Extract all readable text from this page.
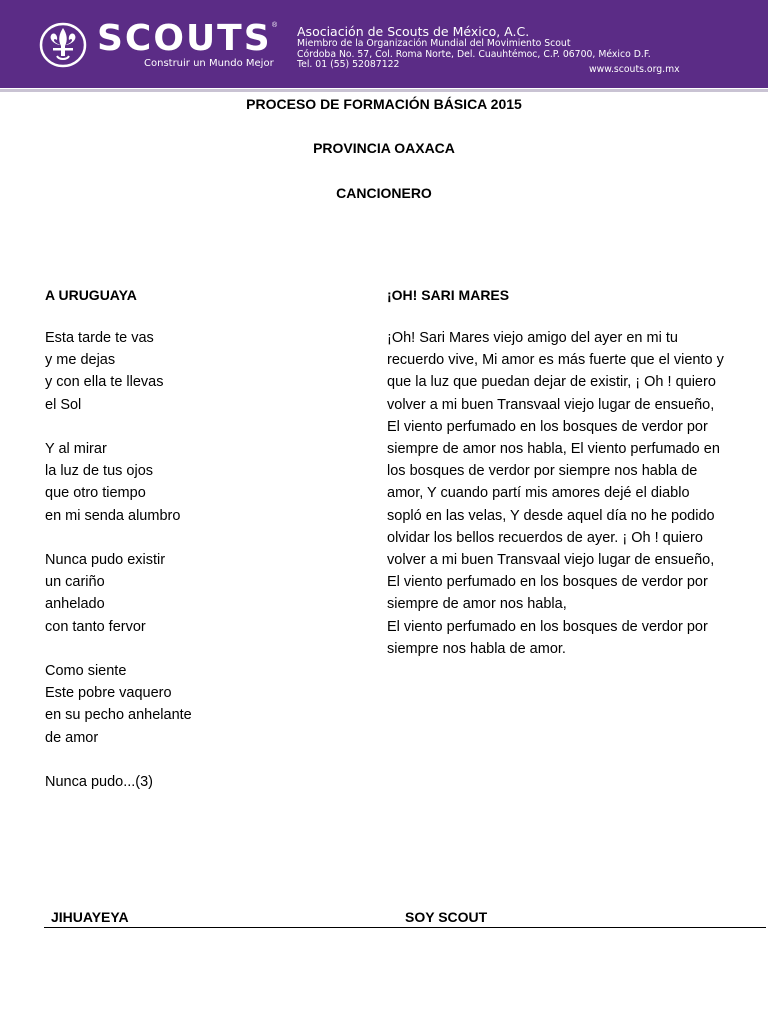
SCOUTS ®
Construir un Mundo Mejor
Asociación de Scouts de México, A.C.
Miembro de la Organización Mundial del Movimiento Scout
Córdoba No. 57, Col. Roma Norte, Del. Cuauhtémoc, C.P. 06700, México D.F.
Tel. 01 (55) 52087122	www.scouts.org.mx
PROCESO DE FORMACIÓN BÁSICA 2015
PROVINCIA OAXACA
CANCIONERO
A URUGUAYA
Esta tarde te vas
y me dejas
y con ella te llevas
el Sol
Y al mirar
la luz de tus ojos
que otro tiempo
en mi senda alumbro
Nunca pudo existir
un cariño
anhelado
con tanto fervor
Como siente
Este pobre vaquero
en su pecho anhelante
de amor
Nunca pudo...(3)
¡OH! SARI MARES

¡Oh! Sari Mares viejo amigo del ayer en mi tu recuerdo vive, Mi amor es más fuerte que el viento y que la luz que puedan dejar de existir, ¡ Oh ! quiero volver a mi buen Transvaal viejo lugar de ensueño, El viento perfumado en los bosques de verdor por siempre de amor nos habla, El viento perfumado en los bosques de verdor por siempre nos habla de amor, Y cuando partí mis amores dejé el diablo sopló en las velas, Y desde aquel día no he podido olvidar los bellos recuerdos de ayer. ¡ Oh ! quiero volver a mi buen Transvaal viejo lugar de ensueño, El viento perfumado en los bosques de verdor por siempre de amor nos habla,

El viento perfumado en los bosques de verdor por siempre nos habla de amor.

JIHUAYEYA	SOY SCOUT
